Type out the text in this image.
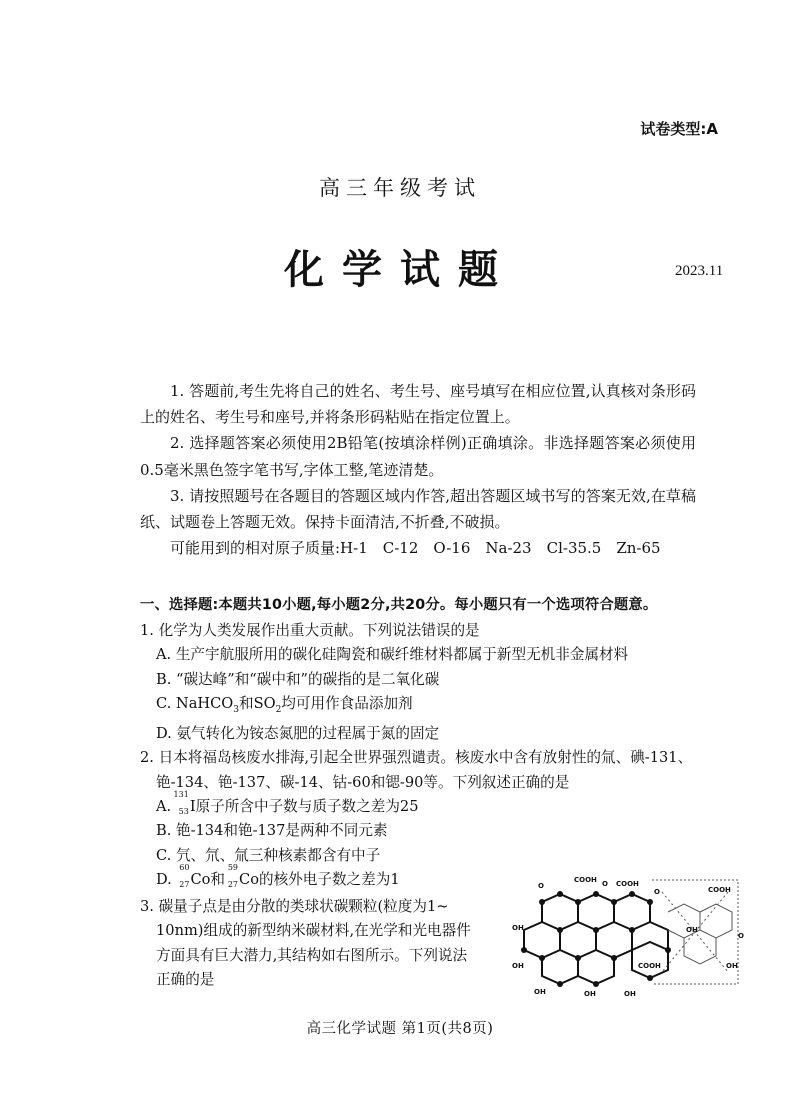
试卷类型:A
高三年级考试
化学试题	2023.11

1. 答题前,考生先将自己的姓名、考生号、座号填写在相应位置,认真核对条形码上的姓名、考生号和座号,并将条形码粘贴在指定位置上。

2. 选择题答案必须使用2B铅笔(按填涂样例)正确填涂。非选择题答案必须使用0.5毫米黑色签字笔书写,字体工整,笔迹清楚。

3. 请按照题号在各题目的答题区域内作答,超出答题区域书写的答案无效,在草稿纸、试题卷上答题无效。保持卡面清洁,不折叠,不破损。

可能用到的相对原子质量:H-1　C-12　O-16　Na-23　Cl-35.5　Zn-65

一、选择题:本题共10小题,每小题2分,共20分。每小题只有一个选项符合题意。

1. 化学为人类发展作出重大贡献。下列说法错误的是

A. 生产宇航服所用的碳化硅陶瓷和碳纤维材料都属于新型无机非金属材料

B. “碳达峰”和“碳中和”的碳指的是二氧化碳

C. NaHCO$_3$和$SO_2$均可用作食品添加剂

D. 氨气转化为铵态氮肥的过程属于氮的固定

2. 日本将福岛核废水排海,引起全世界强烈谴责。核废水中含有放射性的氚、碘-131、

铯-134、铯-137、碳-14、钴-60和锶-90等。下列叙述正确的是

A.
131
53 I原子所含中子数与质子数之差为25

B. 铯-134和铯-137是两种不同元素

C. 氕、氘、氚三种核素都含有中子

D.
60
27 Co和
59
27 Co的核外电子数之差为1

3. 碳量子点是由分散的类球状碳颗粒(粒度为1~

10nm)组成的新型纳米碳材料,在光学和光电器件

方面具有巨大潜力,其结构如右图所示。下列说法

正确的是

COOH	COOH
COOH
COOH
OH
OH
OH	OH	OH
OH
OH
O	O
O
O
高三化学试题 第1页(共8页)
